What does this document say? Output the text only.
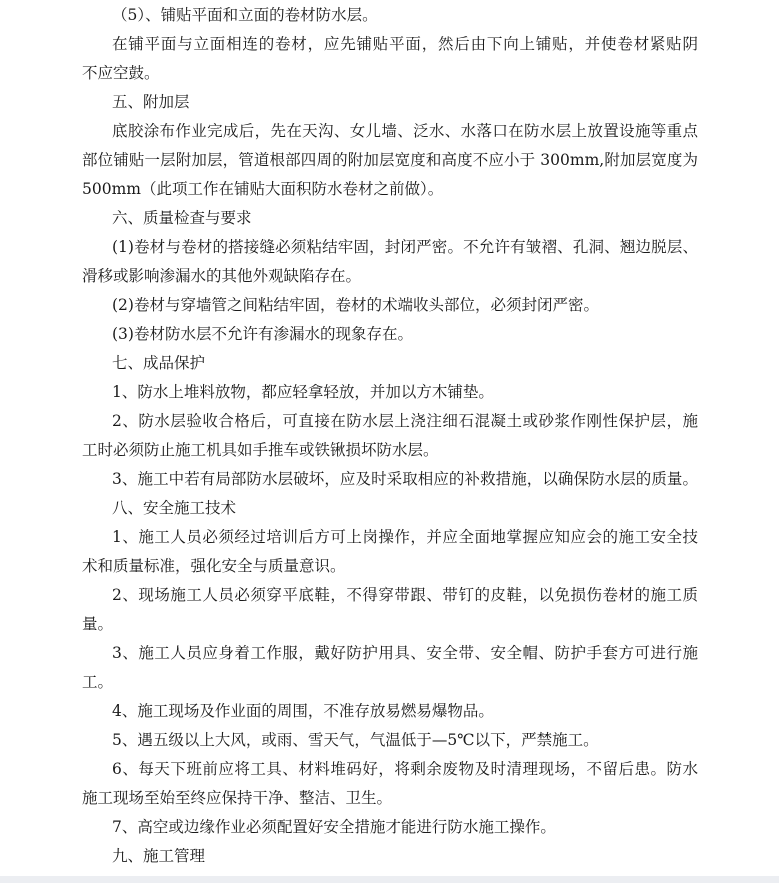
（5）、铺贴平面和立面的卷材防水层。
在铺平面与立面相连的卷材，应先铺贴平面，然后由下向上铺贴，并使卷材紧贴阴
不应空鼓。
五、附加层
底胶涂布作业完成后，先在天沟、女儿墙、泛水、水落口在防水层上放置设施等重点
部位铺贴一层附加层，管道根部四周的附加层宽度和高度不应小于 300mm,附加层宽度为
500mm（此项工作在铺贴大面积防水卷材之前做）。
六、质量检查与要求
(1)卷材与卷材的搭接缝必须粘结牢固，封闭严密。不允许有皱褶、孔洞、翘边脱层、
滑移或影响渗漏水的其他外观缺陷存在。
(2)卷材与穿墙管之间粘结牢固，卷材的术端收头部位，必须封闭严密。
(3)卷材防水层不允许有渗漏水的现象存在。
七、成品保护
1、防水上堆料放物，都应轻拿轻放，并加以方木铺垫。
2、防水层验收合格后，可直接在防水层上浇注细石混凝土或砂浆作刚性保护层，施
工时必须防止施工机具如手推车或铁锹损坏防水层。
3、施工中若有局部防水层破坏，应及时采取相应的补救措施，以确保防水层的质量。
八、安全施工技术
1、施工人员必须经过培训后方可上岗操作，并应全面地掌握应知应会的施工安全技
术和质量标准，强化安全与质量意识。
2、现场施工人员必须穿平底鞋，不得穿带跟、带钉的皮鞋，以免损伤卷材的施工质
量。
3、施工人员应身着工作服，戴好防护用具、安全带、安全帽、防护手套方可进行施
工。
4、施工现场及作业面的周围，不准存放易燃易爆物品。
5、遇五级以上大风，或雨、雪天气，气温低于—5℃以下，严禁施工。
6、每天下班前应将工具、材料堆码好，将剩余废物及时清理现场，不留后患。防水
施工现场至始至终应保持干净、整洁、卫生。
7、高空或边缘作业必须配置好安全措施才能进行防水施工操作。
九、施工管理
